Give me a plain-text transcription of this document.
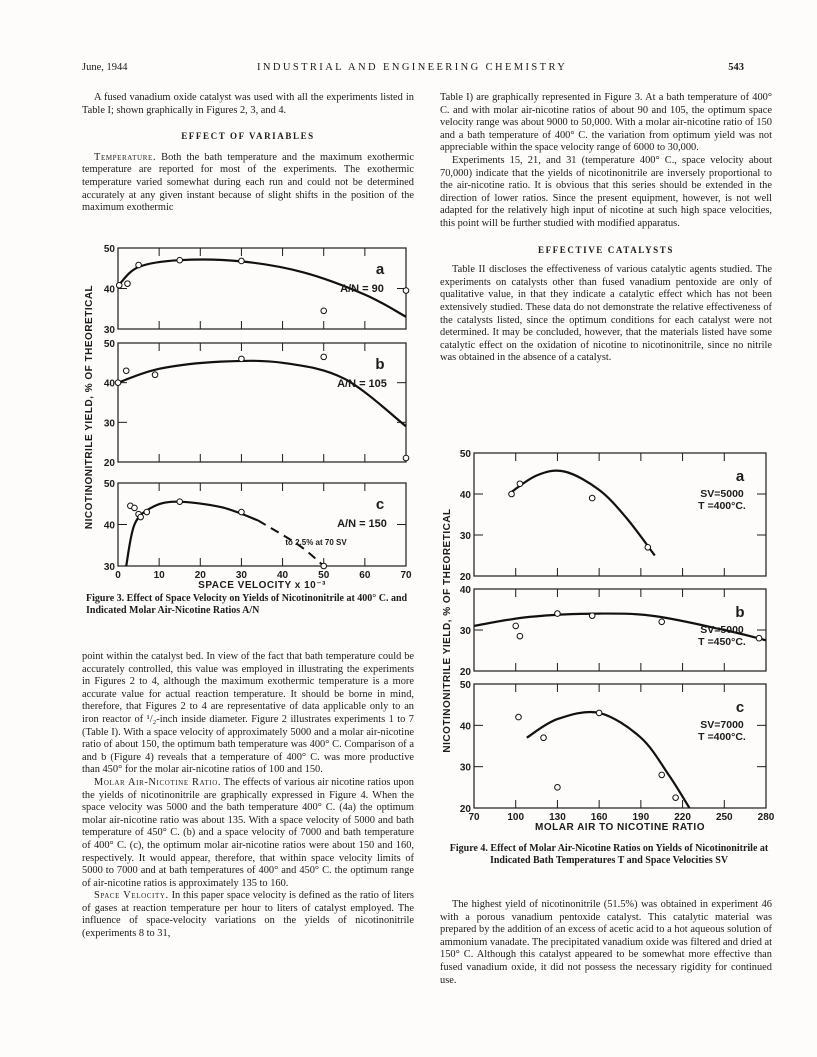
June, 1944	INDUSTRIAL AND ENGINEERING CHEMISTRY	543

A fused vanadium oxide catalyst was used with all the experiments listed in Table I; shown graphically in Figures 2, 3, and 4.

EFFECT OF VARIABLES

Temperature. Both the bath temperature and the maximum exothermic temperature are reported for most of the experiments. The exothermic temperature varied somewhat during each run and could not be determined accurately at any given instant because of slight shifts in the position of the maximum exothermic

30
40
50
a
A/N = 90
20
30
40
50
b
A/N = 105
30
40
50
c
A/N = 150
0	10	20	30	40	50	60	70
SPACE VELOCITY x 10⁻³
NICOTINONITRILE YIELD, % OF THEORETICAL
to 2.5% at 70 SV
Figure 3. Effect of Space Velocity on Yields of Nicotinonitrile at 400° C. and Indicated Molar Air-Nicotine Ratios A/N

point within the catalyst bed. In view of the fact that bath temperature could be accurately controlled, this value was employed in illustrating the experiments in Figures 2 to 4, although the maximum exothermic temperature is a more accurate value for actual reaction temperature. It should be borne in mind, therefore, that Figures 2 to 4 are representative of data applicable only to an iron reactor of ¹/₂-inch inside diameter. Figure 2 illustrates experiments 1 to 7 (Table I). With a space velocity of approximately 5000 and a molar air-nicotine ratio of about 150, the optimum bath temperature was 400° C. Comparison of a and b (Figure 4) reveals that a temperature of 400° C. was more productive than 450° for the molar air-nicotine ratios of 100 and 150.

Molar Air-Nicotine Ratio. The effects of various air nicotine ratios upon the yields of nicotinonitrile are graphically expressed in Figure 4. When the space velocity was 5000 and the bath temperature 400° C. (4a) the optimum molar air-nicotine ratio was about 135. With a space velocity of 5000 and bath temperature of 450° C. (b) and a space velocity of 7000 and bath temperature of 400° C. (c), the optimum molar air-nicotine ratios were about 150 and 160, respectively. It would appear, therefore, that within space velocity limits of 5000 to 7000 and at bath temperatures of 400° and 450° C. the optimum range of air-nicotine ratios is approximately 135 to 160.

Space Velocity. In this paper space velocity is defined as the ratio of liters of gases at reaction temperature per hour to liters of catalyst employed. The influence of space-velocity variations on the yields of nicotinonitrile (experiments 8 to 31,

Table I) are graphically represented in Figure 3. At a bath temperature of 400° C. and with molar air-nicotine ratios of about 90 and 105, the optimum space velocity range was about 9000 to 50,000. With a molar air-nicotine ratio of 150 and a bath temperature of 400° C. the variation from optimum yield was not appreciable within the space velocity range of 6000 to 30,000.

Experiments 15, 21, and 31 (temperature 400° C., space velocity about 70,000) indicate that the yields of nicotinonitrile are inversely proportional to the air-nicotine ratio. It is obvious that this series should be extended in the direction of lower ratios. Since the present equipment, however, is not well adapted for the relatively high input of nicotine at such high space velocities, this point will be further studied with modified apparatus.

EFFECTIVE CATALYSTS

Table II discloses the effectiveness of various catalytic agents studied. The experiments on catalysts other than fused vanadium pentoxide are only of qualitative value, in that they indicate a catalytic effect which has not been extensively studied. These data do not demonstrate the relative effectiveness of the catalysts listed, since the optimum conditions for each catalyst were not determined. It may be concluded, however, that the materials listed have some catalytic effect on the oxidation of nicotine to nicotinonitrile, since no nitrile was obtained in the absence of a catalyst.

20
30
40
50
a
SV=5000
T =400°C.
20
30
40
b
SV=5000
T =450°C.
20
30
40
50
c
SV=7000
T =400°C.
70	100	130	160	190	220	250	280
MOLAR AIR TO NICOTINE RATIO
NICOTINONITRILE YIELD, % OF THEORETICAL
Figure 4. Effect of Molar Air-Nicotine Ratios on Yields of Nicotinonitrile at Indicated Bath Temperatures T and Space Velocities SV

The highest yield of nicotinonitrile (51.5%) was obtained in experiment 46 with a porous vanadium pentoxide catalyst. This catalytic material was prepared by the addition of an excess of acetic acid to a hot aqueous solution of ammonium vanadate. The precipitated vanadium oxide was filtered and dried at 150° C. Although this catalyst appeared to be somewhat more effective than fused vanadium oxide, it did not possess the necessary rigidity for continued use.
